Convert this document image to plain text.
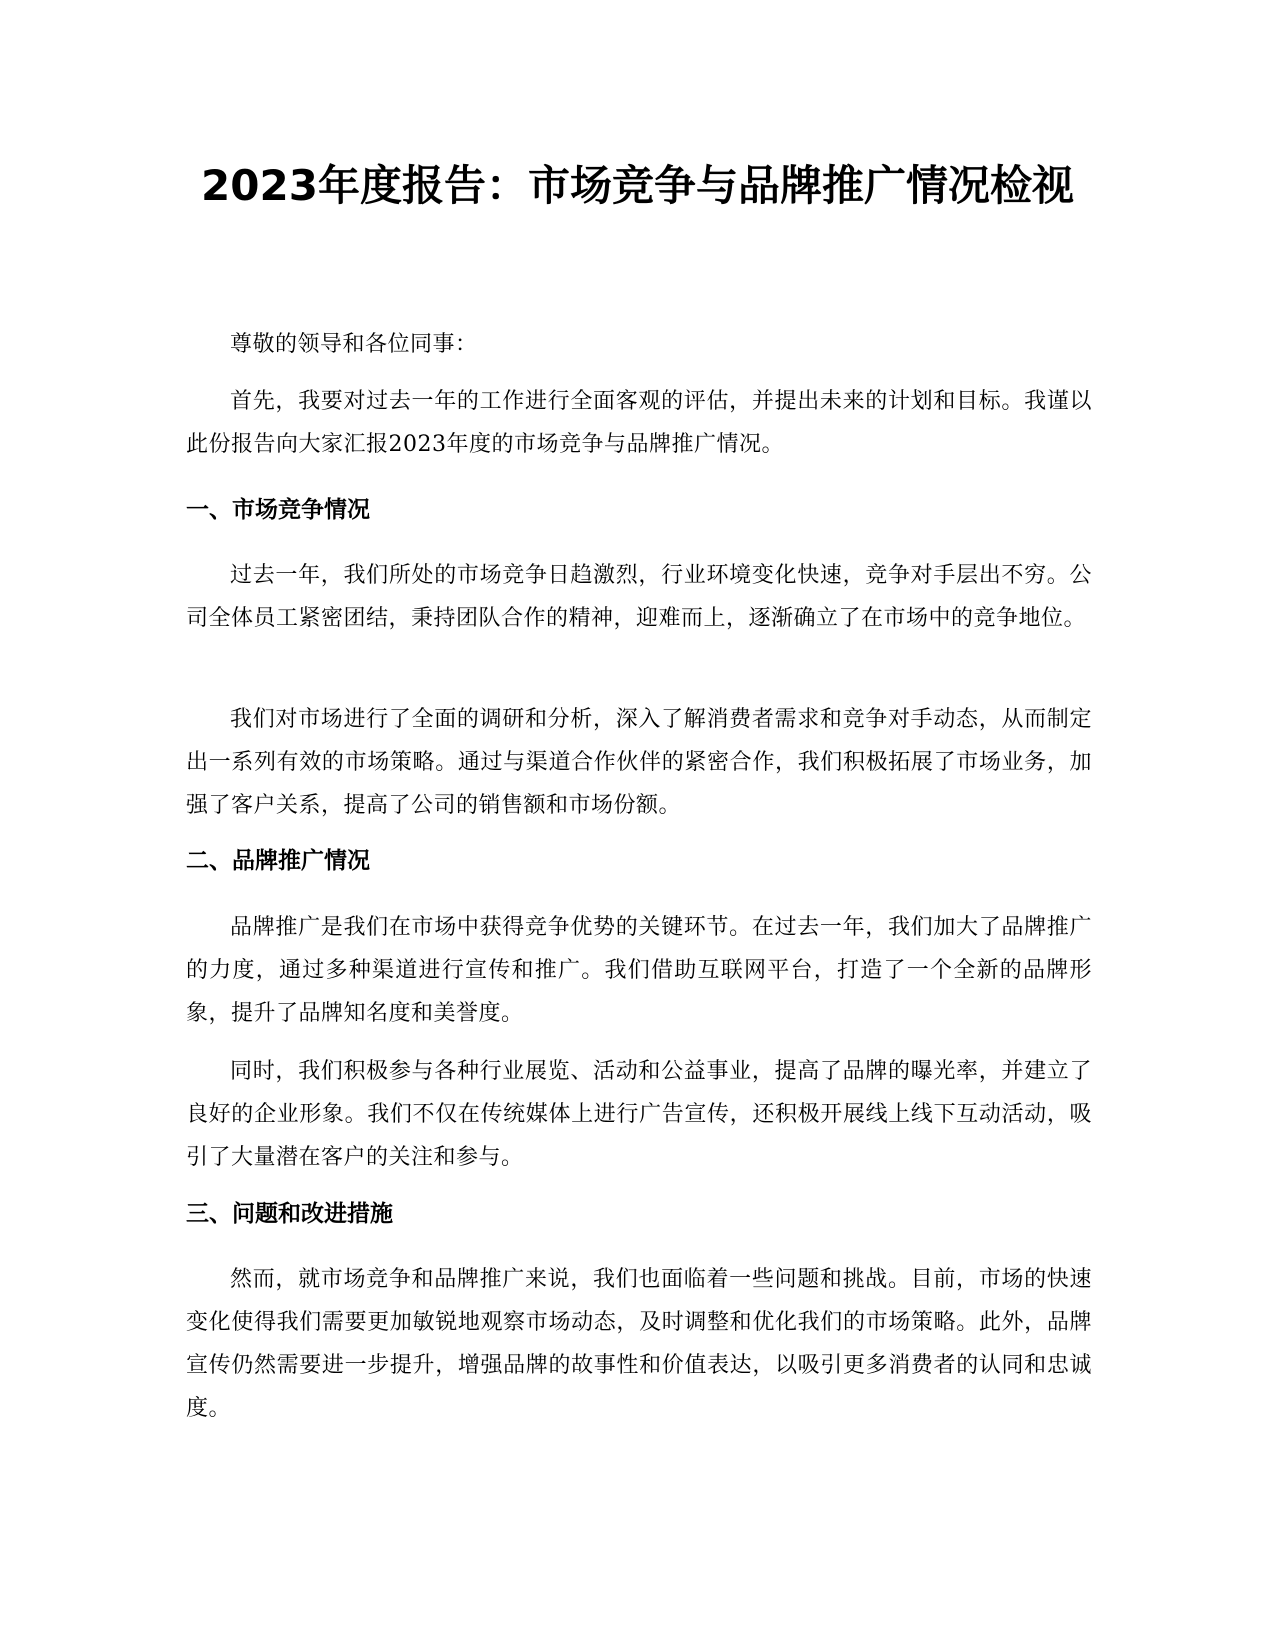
2023年度报告：市场竞争与品牌推广情况检视

尊敬的领导和各位同事：

首先，我要对过去一年的工作进行全面客观的评估，并提出未来的计划和目标。我谨以此份报告向大家汇报2023年度的市场竞争与品牌推广情况。

一、市场竞争情况

过去一年，我们所处的市场竞争日趋激烈，行业环境变化快速，竞争对手层出不穷。公司全体员工紧密团结，秉持团队合作的精神，迎难而上，逐渐确立了在市场中的竞争地位。

我们对市场进行了全面的调研和分析，深入了解消费者需求和竞争对手动态，从而制定出一系列有效的市场策略。通过与渠道合作伙伴的紧密合作，我们积极拓展了市场业务，加强了客户关系，提高了公司的销售额和市场份额。

二、品牌推广情况

品牌推广是我们在市场中获得竞争优势的关键环节。在过去一年，我们加大了品牌推广的力度，通过多种渠道进行宣传和推广。我们借助互联网平台，打造了一个全新的品牌形象，提升了品牌知名度和美誉度。

同时，我们积极参与各种行业展览、活动和公益事业，提高了品牌的曝光率，并建立了良好的企业形象。我们不仅在传统媒体上进行广告宣传，还积极开展线上线下互动活动，吸引了大量潜在客户的关注和参与。

三、问题和改进措施

然而，就市场竞争和品牌推广来说，我们也面临着一些问题和挑战。目前，市场的快速变化使得我们需要更加敏锐地观察市场动态，及时调整和优化我们的市场策略。此外，品牌宣传仍然需要进一步提升，增强品牌的故事性和价值表达，以吸引更多消费者的认同和忠诚度。
